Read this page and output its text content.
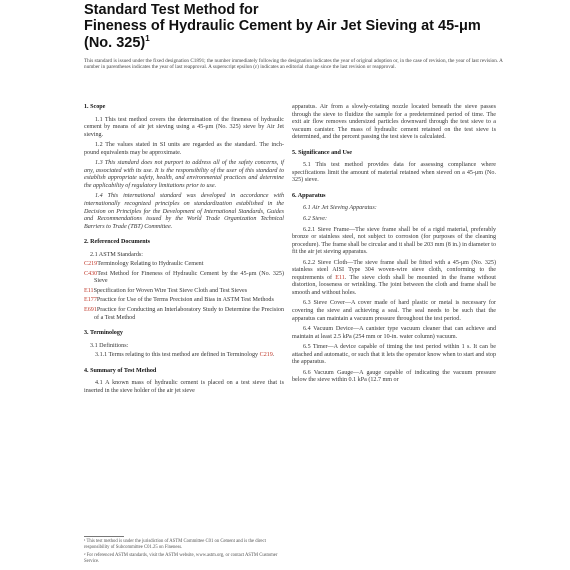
Standard Test Method for
Fineness of Hydraulic Cement by Air Jet Sieving at 45-μm
(No. 325)$^1$
This standard is issued under the fixed designation C1891; the number immediately following the designation indicates the year of original adoption or, in the case of revision, the year of last revision. A number in parentheses indicates the year of last reapproval. A superscript epsilon (ε) indicates an editorial change since the last revision or reapproval.
1. Scope
1.1 This test method covers the determination of the fineness of hydraulic cement by means of air jet sieving using a 45-μm (No. 325) sieve by Air Jet sieving.
1.2 The values stated in SI units are regarded as the standard. The inch-pound equivalents may be approximate.
1.3 This standard does not purport to address all of the safety concerns, if any, associated with its use. It is the responsibility of the user of this standard to establish appropriate safety, health, and environmental practices and determine the applicability of regulatory limitations prior to use.
1.4 This international standard was developed in accordance with internationally recognized principles on standardization established in the Decision on Principles for the Development of International Standards, Guides and Recommendations issued by the World Trade Organization Technical Barriers to Trade (TBT) Committee.
2. Referenced Documents
2.1 ASTM Standards:
C219Terminology Relating to Hydraulic Cement
C430Test Method for Fineness of Hydraulic Cement by the 45-μm (No. 325) Sieve
E11Specification for Woven Wire Test Sieve Cloth and Test Sieves
E177Practice for Use of the Terms Precision and Bias in ASTM Test Methods
E691Practice for Conducting an Interlaboratory Study to Determine the Precision of a Test Method
3. Terminology
3.1 Definitions:
3.1.1 Terms relating to this test method are defined in Terminology C219.
4. Summary of Test Method
4.1 A known mass of hydraulic cement is placed on a test sieve that is inserted in the sieve holder of the air jet sieve
apparatus. Air from a slowly-rotating nozzle located beneath the sieve passes through the sieve to fluidize the sample for a predetermined period of time. The exit air flow removes undersized particles downward through the test sieve to a vacuum canister. The mass of hydraulic cement retained on the test sieve is determined, and the percent passing the test sieve is calculated.
5. Significance and Use
5.1 This test method provides data for assessing compliance where specifications limit the amount of material retained when sieved on a 45-μm (No. 325) sieve.
6. Apparatus
6.1 Air Jet Sieving Apparatus:
6.2 Sieve:
6.2.1 Sieve Frame—The sieve frame shall be of a rigid material, preferably bronze or stainless steel, not subject to corrosion (for purposes of the cleaning procedure). The frame shall be circular and it shall be 203 mm (8 in.) in diameter to fit the air jet sieving apparatus.
6.2.2 Sieve Cloth—The sieve frame shall be fitted with a 45-μm (No. 325) stainless steel AISI Type 304 woven-wire sieve cloth, conforming to the requirements of E11. The sieve cloth shall be mounted in the frame without distortion, looseness or wrinkling. The joint between the cloth and frame shall be smooth and without holes.
6.3 Sieve Cover—A cover made of hard plastic or metal is necessary for covering the sieve and achieving a seal. The seal needs to be such that the apparatus can maintain a vacuum pressure throughout the test period.
6.4 Vacuum Device—A canister type vacuum cleaner that can achieve and maintain at least 2.5 kPa (254 mm or 10-in. water column) vacuum.
6.5 Timer—A device capable of timing the test period within 1 s. It can be attached and automatic, or such that it lets the operator know when to start and stop the apparatus.
6.6 Vacuum Gauge—A gauge capable of indicating the vacuum pressure below the sieve within 0.1 kPa (12.7 mm or
¹ This test method is under the jurisdiction of ASTM Committee C01 on Cement and is the direct responsibility of Subcommittee C01.25 on Fineness.
² For referenced ASTM standards, visit the ASTM website, www.astm.org, or contact ASTM Customer Service.
